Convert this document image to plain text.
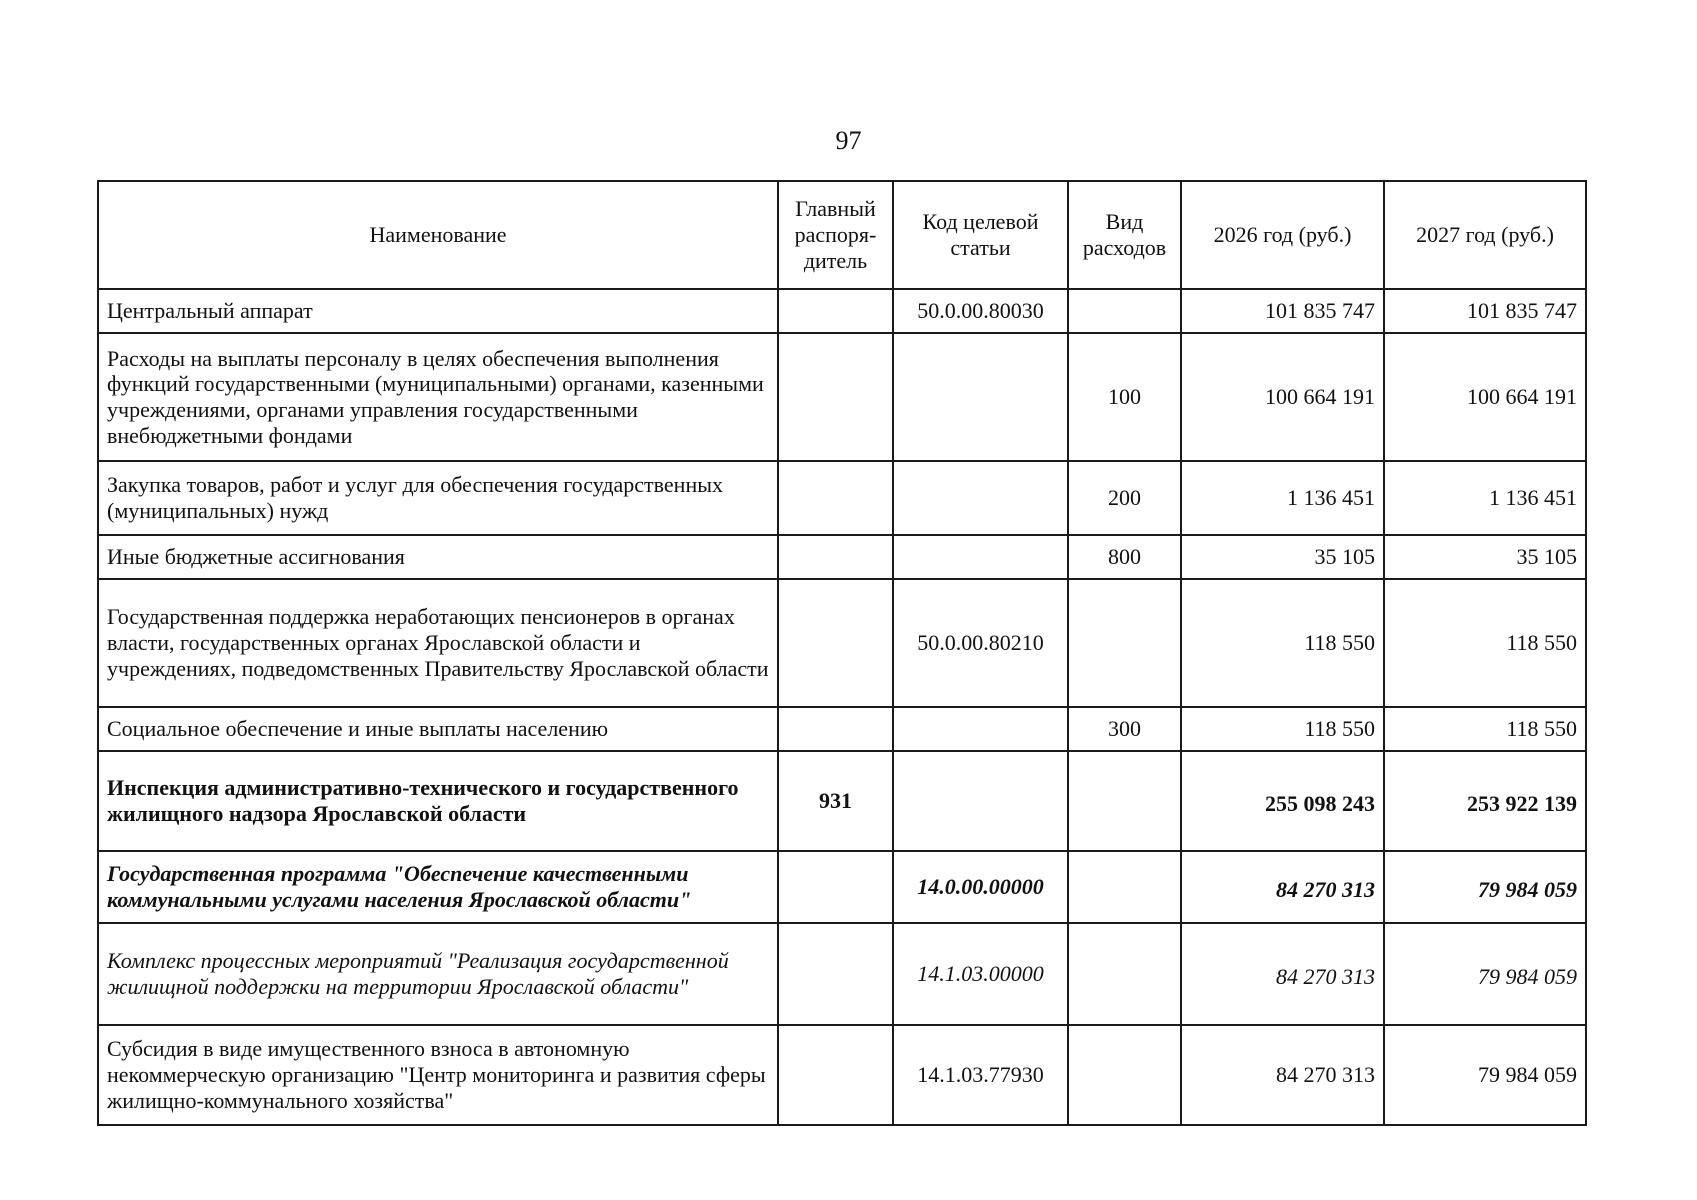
97
Наименование	Главный распоря-дитель	Код целевой статьи	Вид расходов	2026 год (руб.)	2027 год (руб.)
Центральный аппарат		50.0.00.80030		101 835 747	101 835 747
Расходы на выплаты персоналу в целях обеспечения выполнения функций государственными (муниципальными) органами, казенными учреждениями, органами управления государственными внебюджетными фондами			100	100 664 191	100 664 191
Закупка товаров, работ и услуг для обеспечения государственных (муниципальных) нужд			200	1 136 451	1 136 451
Иные бюджетные ассигнования			800	35 105	35 105
Государственная поддержка неработающих пенсионеров в органах власти, государственных органах Ярославской области и учреждениях, подведомственных Правительству Ярославской области		50.0.00.80210		118 550	118 550
Социальное обеспечение и иные выплаты населению			300	118 550	118 550
Инспекция административно-технического и государственного жилищного надзора Ярославской области	931			255 098 243	253 922 139
Государственная программа "Обеспечение качественными коммунальными услугами населения Ярославской области"		14.0.00.00000		84 270 313	79 984 059
Комплекс процессных мероприятий "Реализация государственной жилищной поддержки на территории Ярославской области"		14.1.03.00000		84 270 313	79 984 059
Субсидия в виде имущественного взноса в автономную некоммерческую организацию "Центр мониторинга и развития сферы жилищно-коммунального хозяйства"		14.1.03.77930		84 270 313	79 984 059
